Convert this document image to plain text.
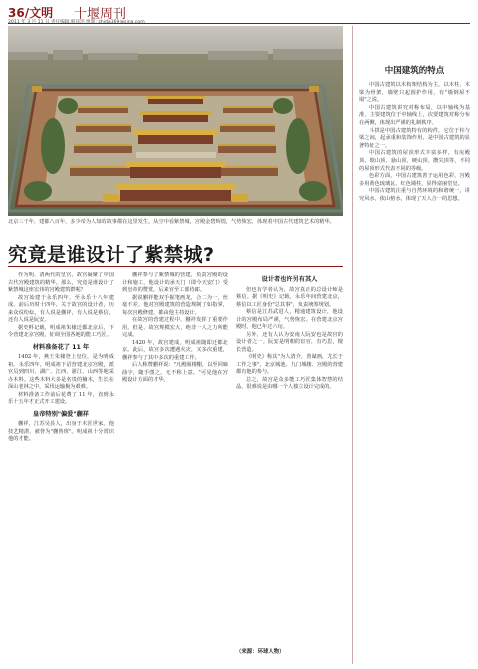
36/文明 十堰周刊
北京三千年，建都八百年，多少帝为人知的故事都在这里发生。从空中看紫禁城，宫殿金碧辉煌，气势恢宏，体现着中国古代建筑艺术的精华。
究竟是谁设计了紫禁城?

作为明、清两代的皇宫，故宫凝聚了中国古代宫殿建筑的精华。那么，究竟是谁设计了紫禁城这座宏伟的宫殿建筑群呢？

故宫始建于永乐四年，至永乐十八年建成，前后历时十四年。关于故宫的设计者，历来众说纷纭，有人说是蒯祥，有人说是蔡信，还有人说是阮安。

据史料记载，明成祖朱棣迁都北京后，下令营建北京宫殿，征调全国各地的能工巧匠。

材料准备花了 11 年

1402 年，燕王朱棣登上皇位，是为明成祖。永乐四年，明成祖下诏营建北京宫殿，派官员到四川、湖广、江西、浙江、山西等地采办木料。这些木料大多是名贵的楠木，生长在深山老林之中，采伐运输极为艰难。

材料准备工作前后花费了 11 年，直到永乐十五年才正式开工建设。

皇帝特别"偏爱"蒯祥

蒯祥，江苏吴县人，出身于木匠世家。他技艺精湛，被誉为"蒯鲁班"。明成祖十分赏识他的才能。

蒯祥参与了紫禁城的营建，负责宫殿的设计和施工，他设计的承天门（即今天安门）受到皇帝的赞赏，后来官至工部侍郎。

据说蒯祥能双手握笔画龙，合二为一，丝毫不差。他对宫殿建筑的营造规制了如指掌，每次宫殿修建，都由他主持设计。

在故宫的营建过程中，蒯祥发挥了重要作用，但是，故宫规模宏大，绝非一人之力所能完成。

1420 年，故宫建成，明成祖随即迁都北京。此后，故宫多次遭遇火灾，又多次重建，蒯祥参与了其中多次的重建工作。

后人称赞蒯祥说："凡殿阁楼榭，以至回廊曲宇，随手图之，无不称上意。"可见他在宫殿设计方面的才华。

设计者也许另有其人

但也有学者认为，故宫真正的总设计师是蔡信。据《明史》记载，永乐年间营建北京，蔡信以工匠身份"总其事"，负责统筹规划。

蔡信是江苏武进人，精通建筑设计，他设计的宫殿布局严谨，气势恢宏。在营建北京宫殿时，他已年过六旬。

另外，还有人认为安南人阮安也是故宫的设计者之一。阮安是明朝的宦官，有巧思，擅长营造。

《明史》称其"为人清介，善谋画，尤长于工作之事"，北京城池、九门城楼、宫殿的营建都有他的参与。

总之，故宫是众多能工巧匠集体智慧的结晶，很难说是由哪一个人独立设计完成的。

（来源：环球人物）
中国建筑的特点

中国古建筑以木构架结构为主，以木柱、木梁为骨架，墙壁只起围护作用，有"墙倒屋不塌"之说。

中国古建筑讲究对称布局，以中轴线为基准，主要建筑位于中轴线上，次要建筑对称分布在两侧，体现出严谨的礼制秩序。

斗拱是中国古建筑特有的构件，它位于柱与梁之间，起承重和装饰作用，是中国古建筑的显著特征之一。

中国古建筑的屋顶形式丰富多样，有庑殿顶、歇山顶、悬山顶、硬山顶、攒尖顶等，不同的屋顶形式代表不同的等级。

色彩方面，中国古建筑善于运用色彩，宫殿多用黄色琉璃瓦、红色墙柱，显得富丽堂皇。

中国古建筑注重与自然环境的和谐统一，讲究风水，依山傍水，体现了天人合一的思想。
